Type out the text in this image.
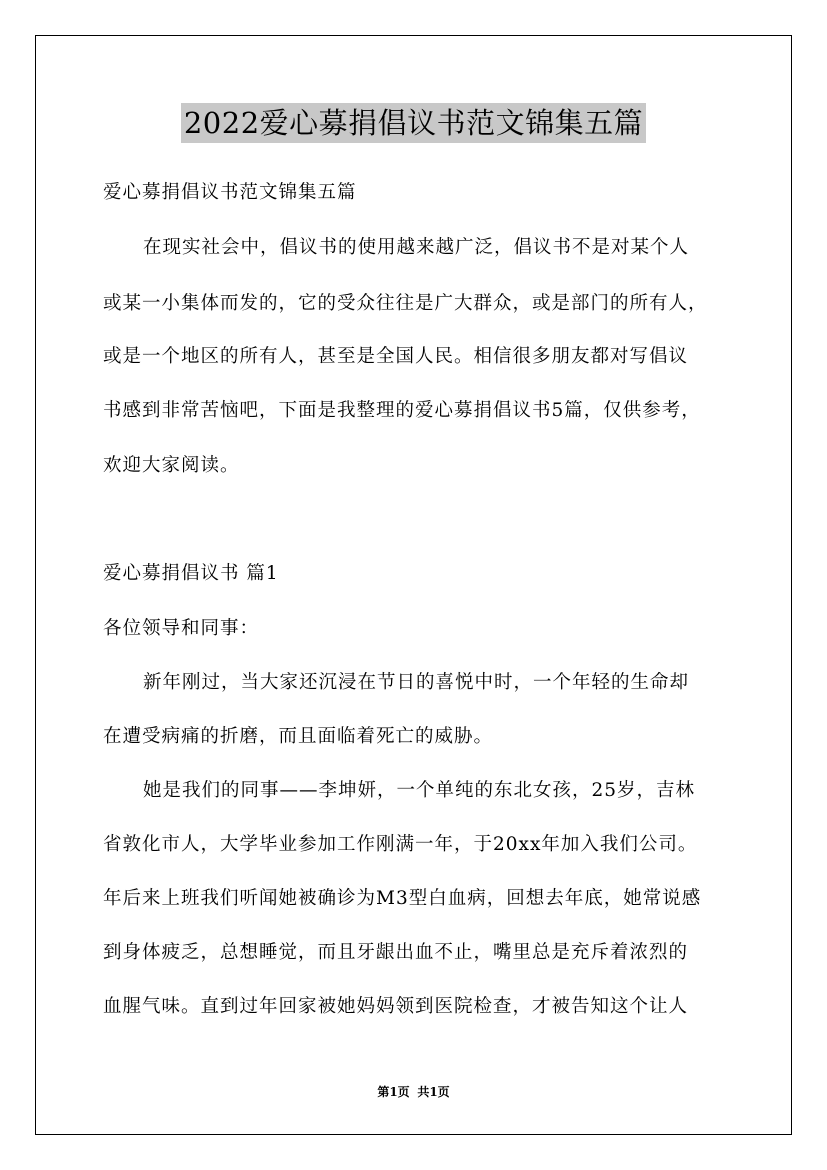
2022爱心募捐倡议书范文锦集五篇
爱心募捐倡议书范文锦集五篇
在现实社会中，倡议书的使用越来越广泛，倡议书不是对某个人
或某一小集体而发的，它的受众往往是广大群众，或是部门的所有人，
或是一个地区的所有人，甚至是全国人民。相信很多朋友都对写倡议
书感到非常苦恼吧，下面是我整理的爱心募捐倡议书5篇，仅供参考，
欢迎大家阅读。
爱心募捐倡议书 篇1
各位领导和同事：
新年刚过，当大家还沉浸在节日的喜悦中时，一个年轻的生命却
在遭受病痛的折磨，而且面临着死亡的威胁。
她是我们的同事——李坤妍，一个单纯的东北女孩，25岁，吉林
省敦化市人，大学毕业参加工作刚满一年，于20xx年加入我们公司。
年后来上班我们听闻她被确诊为M3型白血病，回想去年底，她常说感
到身体疲乏，总想睡觉，而且牙龈出血不止，嘴里总是充斥着浓烈的
血腥气味。直到过年回家被她妈妈领到医院检查，才被告知这个让人
第1页 共1页
